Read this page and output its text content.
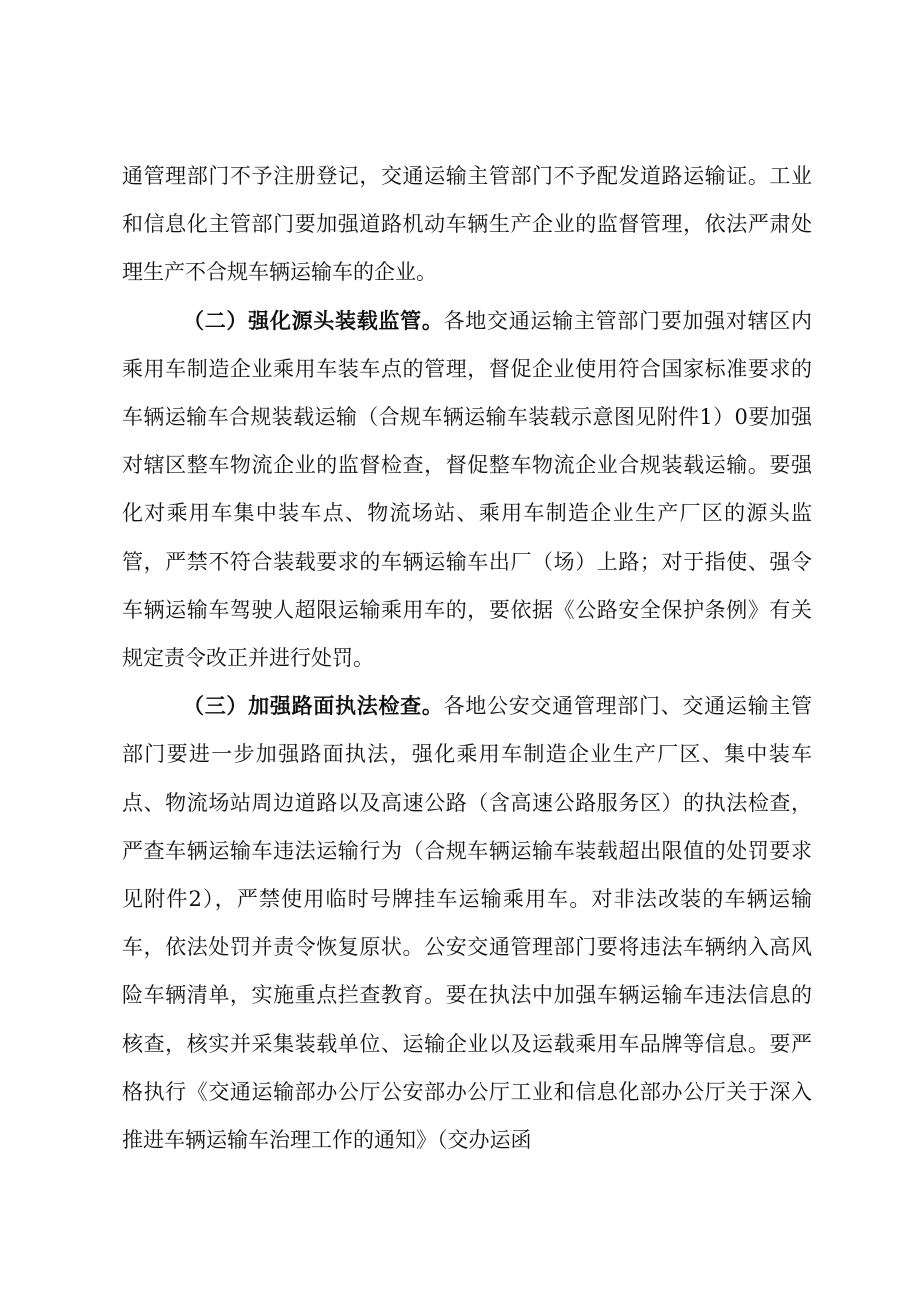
通管理部门不予注册登记，交通运输主管部门不予配发道路运输证。工业和信息化主管部门要加强道路机动车辆生产企业的监督管理，依法严肃处理生产不合规车辆运输车的企业。

（二）强化源头装载监管。各地交通运输主管部门要加强对辖区内乘用车制造企业乘用车装车点的管理，督促企业使用符合国家标准要求的车辆运输车合规装载运输（合规车辆运输车装载示意图见附件1）0要加强对辖区整车物流企业的监督检查，督促整车物流企业合规装载运输。要强化对乘用车集中装车点、物流场站、乘用车制造企业生产厂区的源头监管，严禁不符合装载要求的车辆运输车出厂（场）上路；对于指使、强令车辆运输车驾驶人超限运输乘用车的，要依据《公路安全保护条例》有关规定责令改正并进行处罚。

（三）加强路面执法检查。各地公安交通管理部门、交通运输主管部门要进一步加强路面执法，强化乘用车制造企业生产厂区、集中装车点、物流场站周边道路以及高速公路（含高速公路服务区）的执法检查，严查车辆运输车违法运输行为（合规车辆运输车装载超出限值的处罚要求见附件2），严禁使用临时号牌挂车运输乘用车。对非法改装的车辆运输车，依法处罚并责令恢复原状。公安交通管理部门要将违法车辆纳入高风险车辆清单，实施重点拦查教育。要在执法中加强车辆运输车违法信息的核查，核实并采集装载单位、运输企业以及运载乘用车品牌等信息。要严格执行《交通运输部办公厅公安部办公厅工业和信息化部办公厅关于深入推进车辆运输车治理工作的通知》（交办运函
